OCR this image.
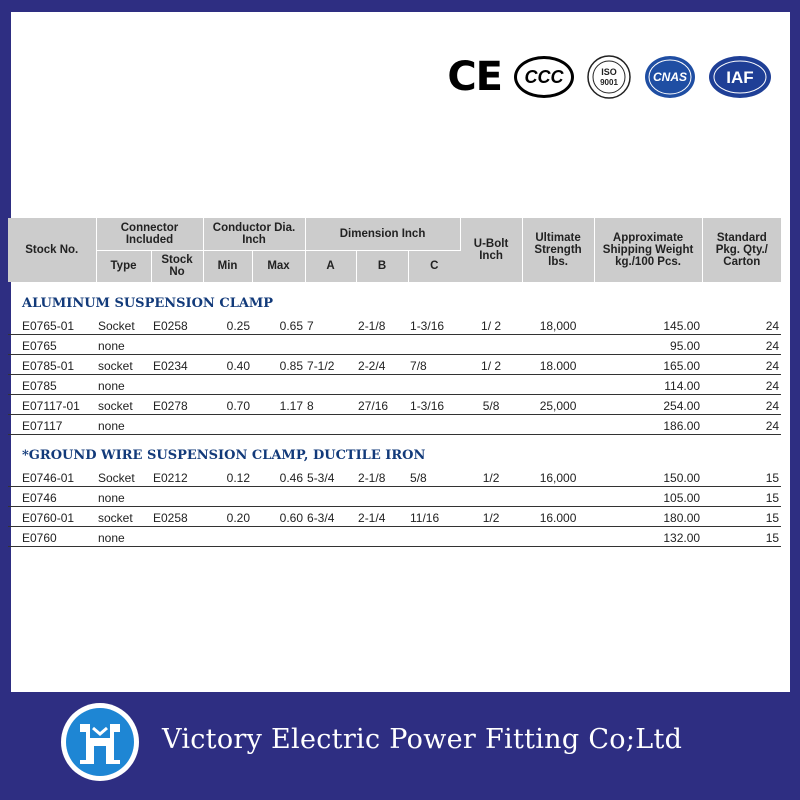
CE	CCC	ISO
9001	CNAS IAF
Stock No.	Connector Included		Conductor Dia. Inch		Dimension Inch			U-Bolt Inch	Ultimate Strength lbs.	Approximate Shipping Weight kg./100 Pcs.	Standard Pkg. Qty./ Carton
	Type	Stock No	Min	Max	A	B	C				
ALUMINUM SUSPENSION CLAMP											
E0765-01	Socket	E0258	0.25	0.65	7	2-1/8	1-3/16	1/ 2	18,000	145.00	24
E0765	none									95.00	24
E0785-01	socket	E0234	0.40	0.85	7-1/2	2-2/4	7/8	1/ 2	18.000	165.00	24
E0785	none									114.00	24
E07117-01	socket	E0278	0.70	1.17	8	27/16	1-3/16	5/8	25,000	254.00	24
E07117	none									186.00	24
*GROUND WIRE SUSPENSION CLAMP, DUCTILE IRON											
E0746-01	Socket	E0212	0.12	0.46	5-3/4	2-1/8	5/8	1/2	16,000	150.00	15
E0746	none									105.00	15
E0760-01	socket	E0258	0.20	0.60	6-3/4	2-1/4	11/16	1/2	16.000	180.00	15
E0760	none									132.00	15
Victory Electric Power Fitting Co;Ltd
